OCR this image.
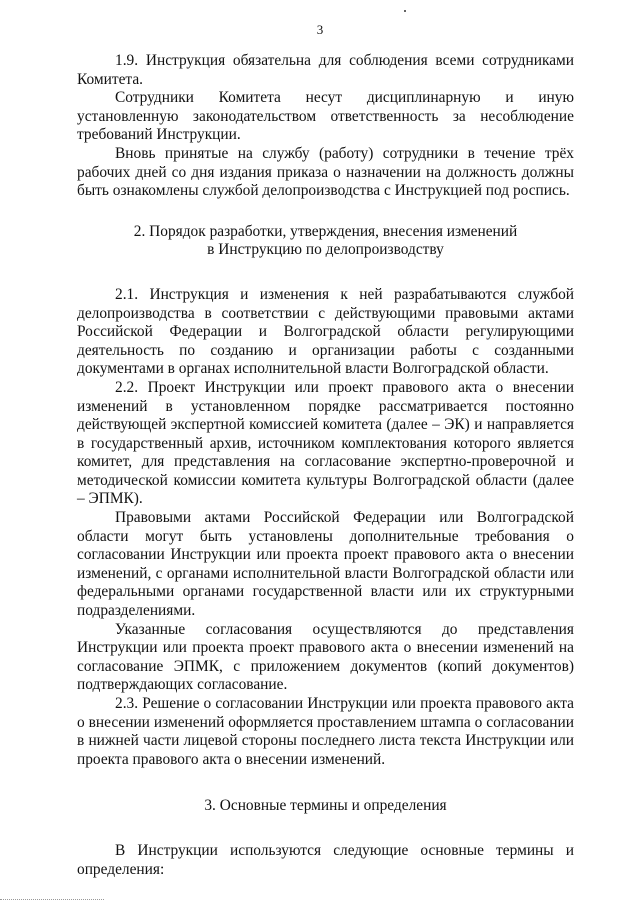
3

1.9. Инструкция обязательна для соблюдения всеми сотрудниками Комитета.

Сотрудники Комитета несут дисциплинарную и иную установленную законодательством ответственность за несоблюдение требований Инструкции.

Вновь принятые на службу (работу) сотрудники в течение трёх рабочих дней со дня издания приказа о назначении на должность должны быть ознакомлены службой делопроизводства с Инструкцией под роспись.

2. Порядок разработки, утверждения, внесения изменений
в Инструкцию по делопроизводству

2.1. Инструкция и изменения к ней разрабатываются службой делопроизводства в соответствии с действующими правовыми актами Российской Федерации и Волгоградской области регулирующими деятельность по созданию и организации работы с созданными документами в органах исполнительной власти Волгоградской области.

2.2. Проект Инструкции или проект правового акта о внесении изменений в установленном порядке рассматривается постоянно действующей экспертной комиссией комитета (далее – ЭК) и направляется в государственный архив, источником комплектования которого является комитет, для представления на согласование экспертно-проверочной и методической комиссии комитета культуры Волгоградской области (далее – ЭПМК).

Правовыми актами Российской Федерации или Волгоградской области могут быть установлены дополнительные требования о согласовании Инструкции или проекта проект правового акта о внесении изменений, с органами исполнительной власти Волгоградской области или федеральными органами государственной власти или их структурными подразделениями.

Указанные согласования осуществляются до представления Инструкции или проекта проект правового акта о внесении изменений на согласование ЭПМК, с приложением документов (копий документов) подтверждающих согласование.

2.3. Решение о согласовании Инструкции или проекта правового акта о внесении изменений оформляется проставлением штампа о согласовании в нижней части лицевой стороны последнего листа текста Инструкции или проекта правового акта о внесении изменений.

3. Основные термины и определения

В Инструкции используются следующие основные термины и определения:
